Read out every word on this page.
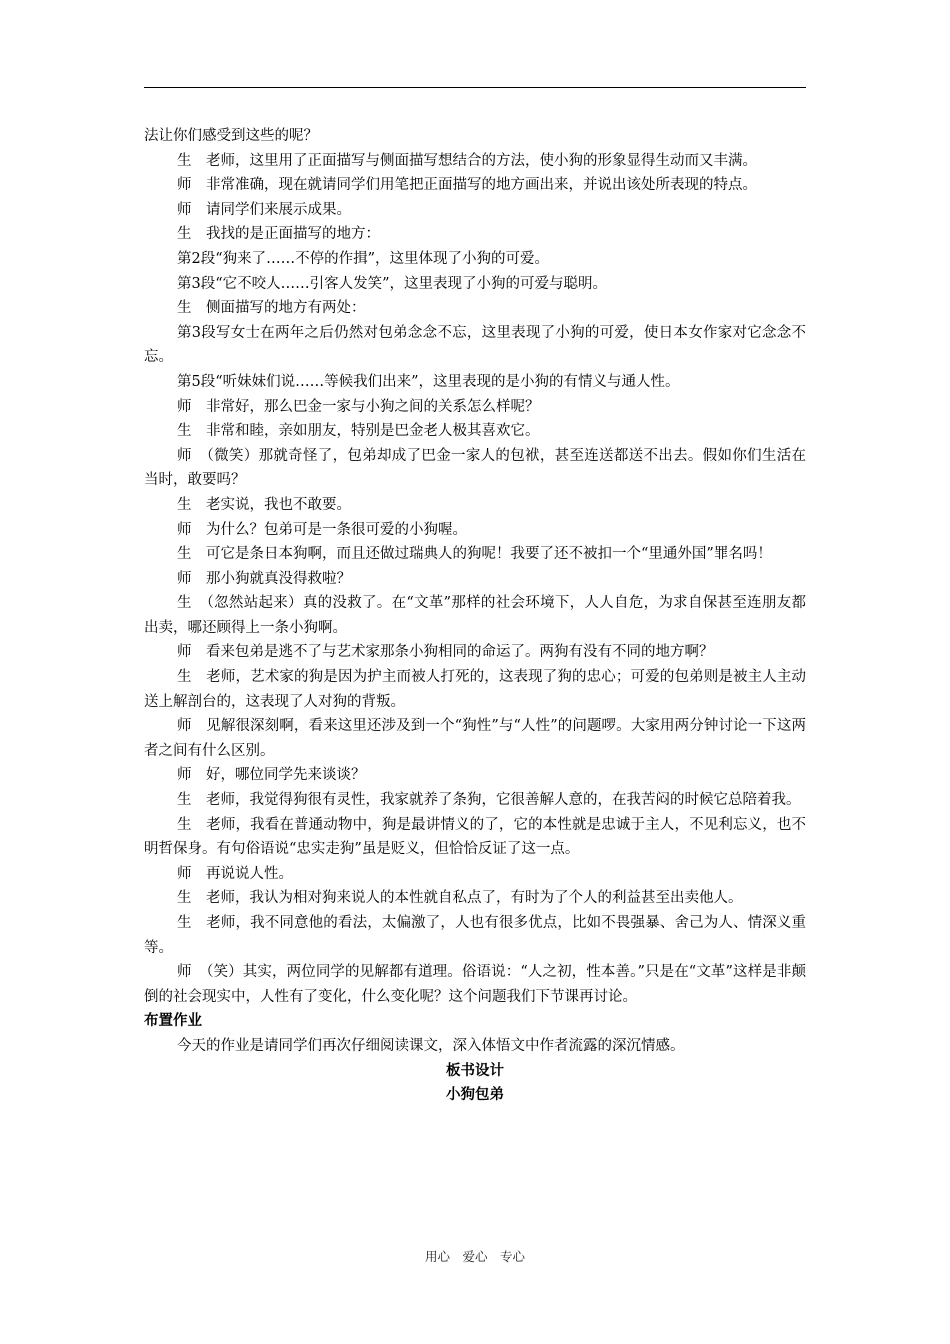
法让你们感受到这些的呢？

生　老师，这里用了正面描写与侧面描写想结合的方法，使小狗的形象显得生动而又丰满。

师　非常准确，现在就请同学们用笔把正面描写的地方画出来，并说出该处所表现的特点。

师　请同学们来展示成果。

生　我找的是正面描写的地方：

第2段“狗来了……不停的作揖”，这里体现了小狗的可爱。

第3段“它不咬人……引客人发笑”，这里表现了小狗的可爱与聪明。

生　侧面描写的地方有两处：

第3段写女士在两年之后仍然对包弟念念不忘，这里表现了小狗的可爱，使日本女作家对它念念不忘。

第5段“听妹妹们说……等候我们出来”，这里表现的是小狗的有情义与通人性。

师　非常好，那么巴金一家与小狗之间的关系怎么样呢？

生　非常和睦，亲如朋友，特别是巴金老人极其喜欢它。

师　（微笑）那就奇怪了，包弟却成了巴金一家人的包袱，甚至连送都送不出去。假如你们生活在当时，敢要吗？

生　老实说，我也不敢要。

师　为什么？包弟可是一条很可爱的小狗喔。

生　可它是条日本狗啊，而且还做过瑞典人的狗呢！我要了还不被扣一个“里通外国”罪名吗！

师　那小狗就真没得救啦？

生　（忽然站起来）真的没救了。在“文革”那样的社会环境下，人人自危，为求自保甚至连朋友都出卖，哪还顾得上一条小狗啊。

师　看来包弟是逃不了与艺术家那条小狗相同的命运了。两狗有没有不同的地方啊？

生　老师，艺术家的狗是因为护主而被人打死的，这表现了狗的忠心；可爱的包弟则是被主人主动送上解剖台的，这表现了人对狗的背叛。

师　见解很深刻啊，看来这里还涉及到一个“狗性”与“人性”的问题啰。大家用两分钟讨论一下这两者之间有什么区别。

师　好，哪位同学先来谈谈？

生　老师，我觉得狗很有灵性，我家就养了条狗，它很善解人意的，在我苦闷的时候它总陪着我。

生　老师，我看在普通动物中，狗是最讲情义的了，它的本性就是忠诚于主人，不见利忘义，也不明哲保身。有句俗语说“忠实走狗”虽是贬义，但恰恰反证了这一点。

师　再说说人性。

生　老师，我认为相对狗来说人的本性就自私点了，有时为了个人的利益甚至出卖他人。

生　老师，我不同意他的看法，太偏激了，人也有很多优点，比如不畏强暴、舍己为人、情深义重等。

师　（笑）其实，两位同学的见解都有道理。俗语说：“人之初，性本善。”只是在“文革”这样是非颠倒的社会现实中，人性有了变化，什么变化呢？这个问题我们下节课再讨论。

布置作业

今天的作业是请同学们再次仔细阅读课文，深入体悟文中作者流露的深沉情感。

板书设计

小狗包弟

用心　爱心　专心
